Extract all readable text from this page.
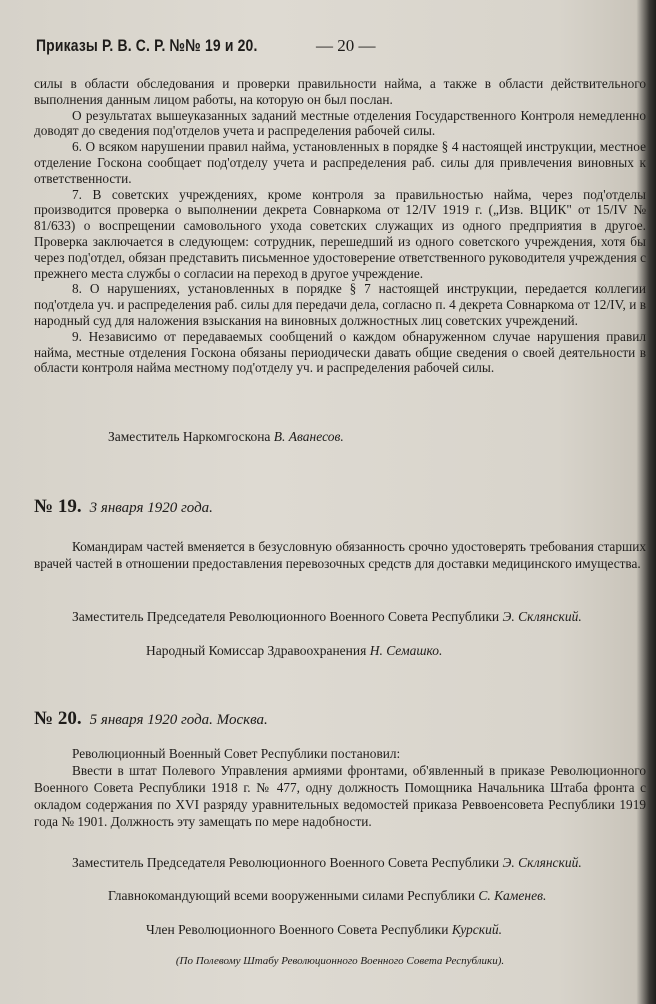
Приказы Р. В. С. Р. №№ 19 и 20.	— 20 —

силы в области обследования и проверки правильности найма, а также в области действительного выполнения данным лицом работы, на которую он был послан.

О результатах вышеуказанных заданий местные отделения Государственного Контроля немедленно доводят до сведения под'отделов учета и распределения рабочей силы.

6. О всяком нарушении правил найма, установленных в порядке § 4 настоящей инструкции, местное отделение Госкона сообщает под'отделу учета и распределения раб. силы для привлечения виновных к ответственности.

7. В советских учреждениях, кроме контроля за правильностью найма, через под'отделы производится проверка о выполнении декрета Совнаркома от 12/IV 1919 г. („Изв. ВЦИК" от 15/IV № 81/633) о воспрещении самовольного ухода советских служащих из одного предприятия в другое. Проверка заключается в следующем: сотрудник, перешедший из одного советского учреждения, хотя бы через под'отдел, обязан представить письменное удостоверение ответственного руководителя учреждения с прежнего места службы о согласии на переход в другое учреждение.

8. О нарушениях, установленных в порядке § 7 настоящей инструкции, передается коллегии под'отдела уч. и распределения раб. силы для передачи дела, согласно п. 4 декрета Совнаркома от 12/IV, и в народный суд для наложения взыскания на виновных должностных лиц советских учреждений.

9. Независимо от передаваемых сообщений о каждом обнаруженном случае нарушения правил найма, местные отделения Госкона обязаны периодически давать общие сведения о своей деятельности в области контроля найма местному под'отделу уч. и распределения рабочей силы.

Заместитель Наркомгоскона В. Аванесов.

№ 19. 3 января 1920 года.

Командирам частей вменяется в безусловную обязанность срочно удостоверять требования старших врачей частей в отношении предоставления перевозочных средств для доставки медицинского имущества.

Заместитель Председателя Революционного Военного Совета Республики Э. Склянский.

Народный Комиссар Здравоохранения Н. Семашко.

№ 20. 5 января 1920 года. Москва.

Революционный Военный Совет Республики постановил:

Ввести в штат Полевого Управления армиями фронтами, об'явленный в приказе Революционного Военного Совета Республики 1918 г. № 477, одну должность Помощника Начальника Штаба фронта с окладом содержания по XVI разряду уравнительных ведомостей приказа Реввоенсовета Республики 1919 года № 1901. Должность эту замещать по мере надобности.

Заместитель Председателя Революционного Военного Совета Республики Э. Склянский.

Главнокомандующий всеми вооруженными силами Республики С. Каменев.

Член Революционного Военного Совета Республики Курский.

(По Полевому Штабу Революционного Военного Совета Республики).
